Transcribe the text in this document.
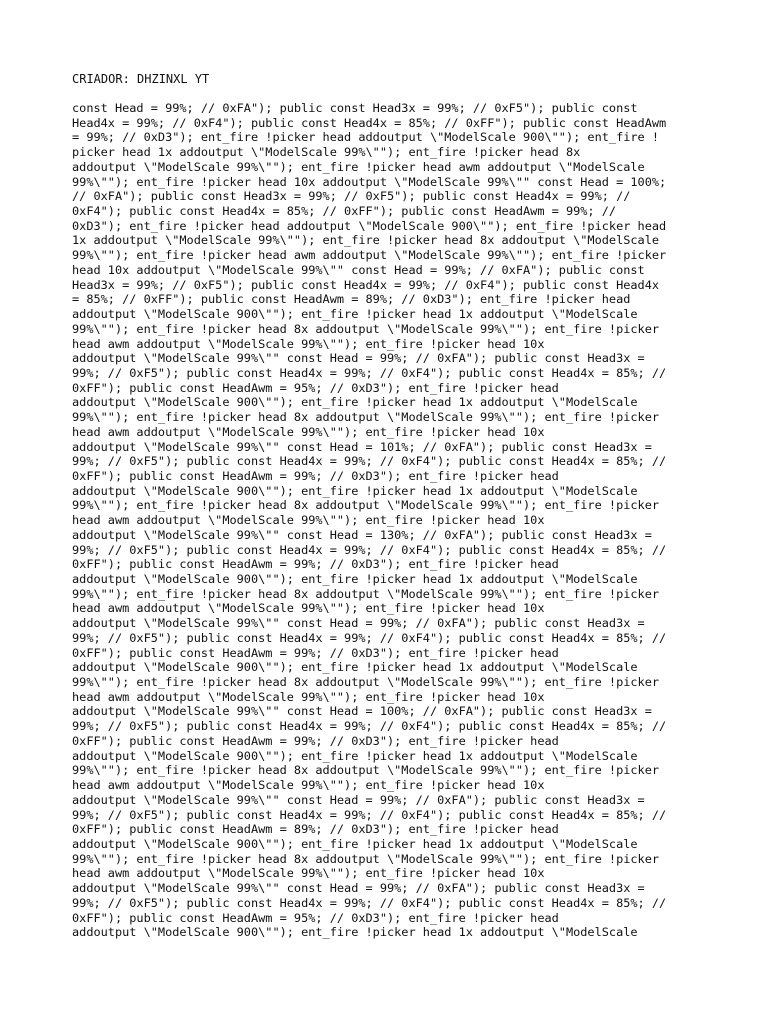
CRIADOR: DHZINXL YT
const Head = 99%; // 0xFA"); public const Head3x = 99%; // 0xF5"); public const
Head4x = 99%; // 0xF4"); public const Head4x = 85%; // 0xFF"); public const HeadAwm
= 99%; // 0xD3"); ent_fire !picker head addoutput \"ModelScale 900\""); ent_fire !
picker head 1x addoutput \"ModelScale 99%\""); ent_fire !picker head 8x
addoutput \"ModelScale 99%\""); ent_fire !picker head awm addoutput \"ModelScale
99%\""); ent_fire !picker head 10x addoutput \"ModelScale 99%\"" const Head = 100%;
// 0xFA"); public const Head3x = 99%; // 0xF5"); public const Head4x = 99%; //
0xF4"); public const Head4x = 85%; // 0xFF"); public const HeadAwm = 99%; //
0xD3"); ent_fire !picker head addoutput \"ModelScale 900\""); ent_fire !picker head
1x addoutput \"ModelScale 99%\""); ent_fire !picker head 8x addoutput \"ModelScale
99%\""); ent_fire !picker head awm addoutput \"ModelScale 99%\""); ent_fire !picker
head 10x addoutput \"ModelScale 99%\"" const Head = 99%; // 0xFA"); public const
Head3x = 99%; // 0xF5"); public const Head4x = 99%; // 0xF4"); public const Head4x
= 85%; // 0xFF"); public const HeadAwm = 89%; // 0xD3"); ent_fire !picker head
addoutput \"ModelScale 900\""); ent_fire !picker head 1x addoutput \"ModelScale
99%\""); ent_fire !picker head 8x addoutput \"ModelScale 99%\""); ent_fire !picker
head awm addoutput \"ModelScale 99%\""); ent_fire !picker head 10x
addoutput \"ModelScale 99%\"" const Head = 99%; // 0xFA"); public const Head3x =
99%; // 0xF5"); public const Head4x = 99%; // 0xF4"); public const Head4x = 85%; //
0xFF"); public const HeadAwm = 95%; // 0xD3"); ent_fire !picker head
addoutput \"ModelScale 900\""); ent_fire !picker head 1x addoutput \"ModelScale
99%\""); ent_fire !picker head 8x addoutput \"ModelScale 99%\""); ent_fire !picker
head awm addoutput \"ModelScale 99%\""); ent_fire !picker head 10x
addoutput \"ModelScale 99%\"" const Head = 101%; // 0xFA"); public const Head3x =
99%; // 0xF5"); public const Head4x = 99%; // 0xF4"); public const Head4x = 85%; //
0xFF"); public const HeadAwm = 99%; // 0xD3"); ent_fire !picker head
addoutput \"ModelScale 900\""); ent_fire !picker head 1x addoutput \"ModelScale
99%\""); ent_fire !picker head 8x addoutput \"ModelScale 99%\""); ent_fire !picker
head awm addoutput \"ModelScale 99%\""); ent_fire !picker head 10x
addoutput \"ModelScale 99%\"" const Head = 130%; // 0xFA"); public const Head3x =
99%; // 0xF5"); public const Head4x = 99%; // 0xF4"); public const Head4x = 85%; //
0xFF"); public const HeadAwm = 99%; // 0xD3"); ent_fire !picker head
addoutput \"ModelScale 900\""); ent_fire !picker head 1x addoutput \"ModelScale
99%\""); ent_fire !picker head 8x addoutput \"ModelScale 99%\""); ent_fire !picker
head awm addoutput \"ModelScale 99%\""); ent_fire !picker head 10x
addoutput \"ModelScale 99%\"" const Head = 99%; // 0xFA"); public const Head3x =
99%; // 0xF5"); public const Head4x = 99%; // 0xF4"); public const Head4x = 85%; //
0xFF"); public const HeadAwm = 99%; // 0xD3"); ent_fire !picker head
addoutput \"ModelScale 900\""); ent_fire !picker head 1x addoutput \"ModelScale
99%\""); ent_fire !picker head 8x addoutput \"ModelScale 99%\""); ent_fire !picker
head awm addoutput \"ModelScale 99%\""); ent_fire !picker head 10x
addoutput \"ModelScale 99%\"" const Head = 100%; // 0xFA"); public const Head3x =
99%; // 0xF5"); public const Head4x = 99%; // 0xF4"); public const Head4x = 85%; //
0xFF"); public const HeadAwm = 99%; // 0xD3"); ent_fire !picker head
addoutput \"ModelScale 900\""); ent_fire !picker head 1x addoutput \"ModelScale
99%\""); ent_fire !picker head 8x addoutput \"ModelScale 99%\""); ent_fire !picker
head awm addoutput \"ModelScale 99%\""); ent_fire !picker head 10x
addoutput \"ModelScale 99%\"" const Head = 99%; // 0xFA"); public const Head3x =
99%; // 0xF5"); public const Head4x = 99%; // 0xF4"); public const Head4x = 85%; //
0xFF"); public const HeadAwm = 89%; // 0xD3"); ent_fire !picker head
addoutput \"ModelScale 900\""); ent_fire !picker head 1x addoutput \"ModelScale
99%\""); ent_fire !picker head 8x addoutput \"ModelScale 99%\""); ent_fire !picker
head awm addoutput \"ModelScale 99%\""); ent_fire !picker head 10x
addoutput \"ModelScale 99%\"" const Head = 99%; // 0xFA"); public const Head3x =
99%; // 0xF5"); public const Head4x = 99%; // 0xF4"); public const Head4x = 85%; //
0xFF"); public const HeadAwm = 95%; // 0xD3"); ent_fire !picker head
addoutput \"ModelScale 900\""); ent_fire !picker head 1x addoutput \"ModelScale
